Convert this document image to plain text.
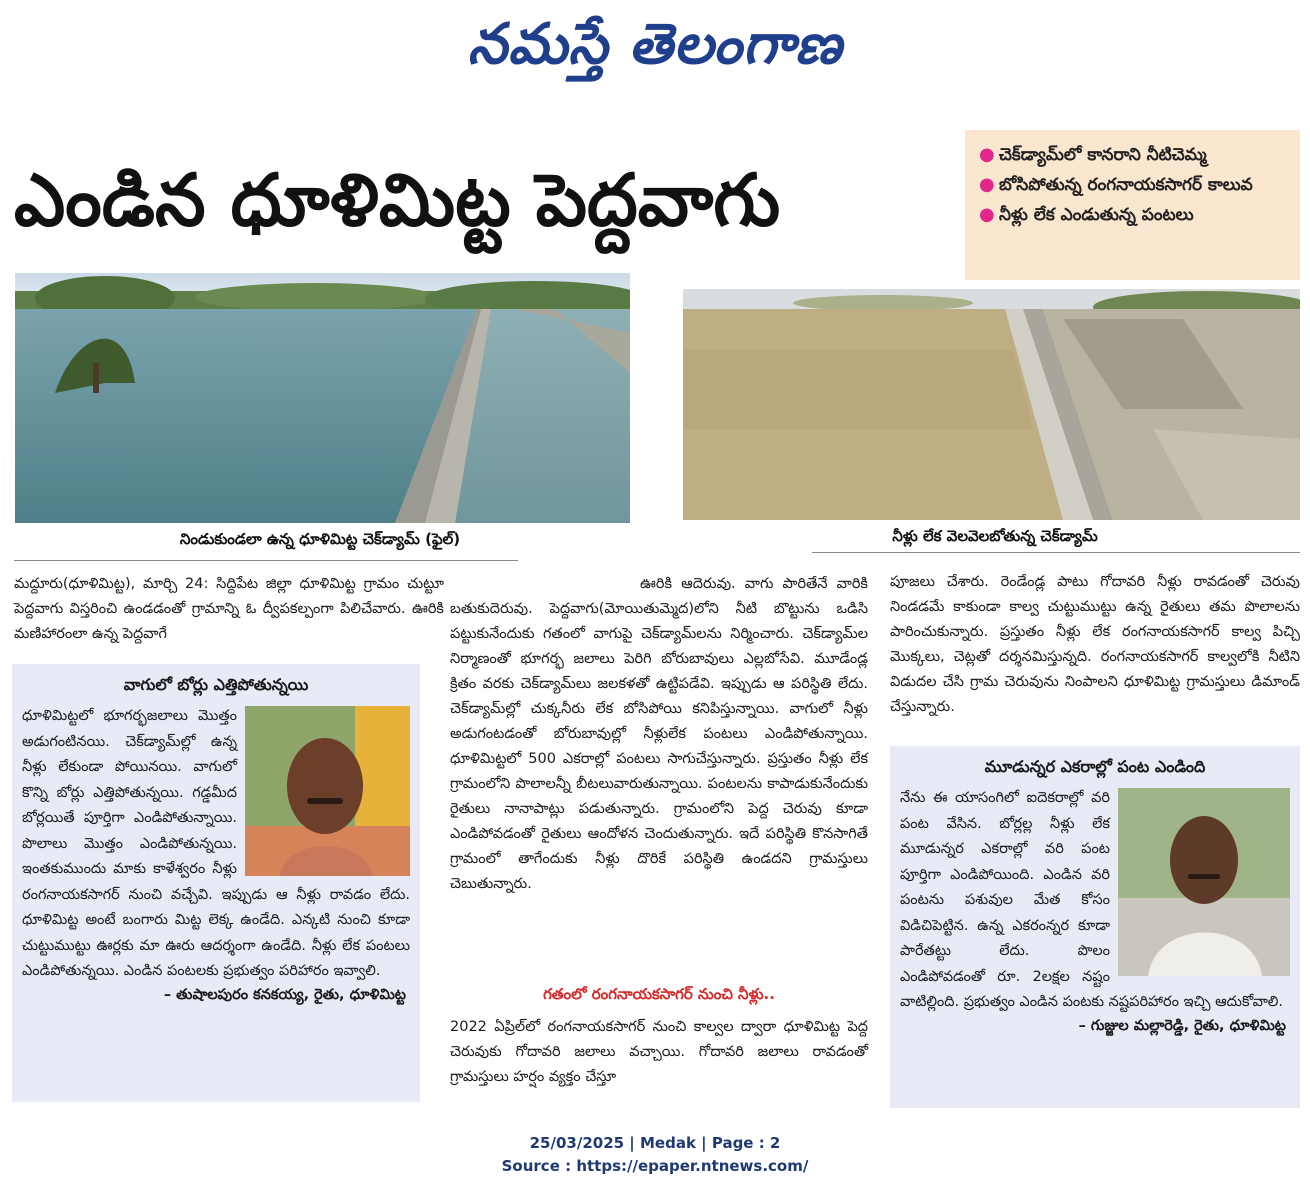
నమస్తే తెలంగాణ
ఎండిన ధూళిమిట్ట పెద్దవాగు
● చెక్‌డ్యామ్‌లో కానరాని నీటిచెమ్మ
● బోసిపోతున్న రంగనాయకసాగర్ కాలువ
● నీళ్లు లేక ఎండుతున్న పంటలు
నిండుకుండలా ఉన్న ధూళిమిట్ట చెక్‌డ్యామ్ (ఫైల్)	నీళ్లు లేక వెలవెలబోతున్న చెక్‌డ్యామ్

మద్దూరు(ధూళిమిట్ట), మార్చి 24: సిద్దిపేట జిల్లా ధూళిమిట్ట గ్రామం చుట్టూ పెద్దవాగు విస్తరించి ఉండడంతో గ్రామాన్ని ఓ ద్వీపకల్పంగా పిలిచేవారు. ఊరికి మణిహారంలా ఉన్న పెద్దవాగే

వాగులో బోర్లు ఎత్తిపోతున్నయి
ధూళిమిట్టలో భూగర్భజలాలు మొత్తం అడుగంటినయి. చెక్‌డ్యామ్‌ల్లో ఉన్న నీళ్లు లేకుండా పోయినయి. వాగులో కొన్ని బోర్లు ఎత్తిపోతున్నయి. గడ్డమీద బోర్లయితే పూర్తిగా ఎండిపోతున్నాయి. పొలాలు మొత్తం ఎండిపోతున్నయి. ఇంతకుముందు మాకు కాళేశ్వరం నీళ్లు రంగనాయకసాగర్ నుంచి వచ్చేవి. ఇప్పుడు ఆ నీళ్లు రావడం లేదు. ధూళిమిట్ట అంటే బంగారు మిట్ట లెక్క ఉండేది. ఎన్కటి నుంచి కూడా చుట్టుముట్టు ఊర్లకు మా ఊరు ఆదర్శంగా ఉండేది. నీళ్లు లేక పంటలు ఎండిపోతున్నయి. ఎండిన పంటలకు ప్రభుత్వం పరిహారం ఇవ్వాలి.
– తుషాలపురం కనకయ్య, రైతు, ధూళిమిట్ట

ఊరికి ఆదెరువు. వాగు పారితేనే వారికి బతుకుదెరువు. పెద్దవాగు(మోయితుమ్మెద)లోని నీటి బొట్టును ఒడిసి పట్టుకునేందుకు గతంలో వాగుపై చెక్‌డ్యామ్‌లను నిర్మించారు. చెక్‌డ్యామ్‌ల నిర్మాణంతో భూగర్భ జలాలు పెరిగి బోరుబావులు ఎల్లబోసేవి. మూడేండ్ల క్రితం వరకు చెక్‌డ్యామ్‌లు జలకళతో ఉట్టిపడేవి. ఇప్పుడు ఆ పరిస్థితి లేదు. చెక్‌డ్యామ్‌ల్లో చుక్కనీరు లేక బోసిపోయి కనిపిస్తున్నాయి. వాగులో నీళ్లు అడుగంటడంతో బోరుబావుల్లో నీళ్లులేక పంటలు ఎండిపోతున్నాయి. ధూళిమిట్టలో 500 ఎకరాల్లో పంటలు సాగుచేస్తున్నారు. ప్రస్తుతం నీళ్లు లేక గ్రామంలోని పొలాలన్నీ బీటలువారుతున్నాయి. పంటలను కాపాడుకునేందుకు రైతులు నానాపాట్లు పడుతున్నారు. గ్రామంలోని పెద్ద చెరువు కూడా ఎండిపోవడంతో రైతులు ఆందోళన చెందుతున్నారు. ఇదే పరిస్థితి కొనసాగితే గ్రామంలో తాగేందుకు నీళ్లు దొరికే పరిస్థితి ఉండదని గ్రామస్తులు చెబుతున్నారు.

గతంలో రంగనాయకసాగర్ నుంచి నీళ్లు..

2022 ఏప్రిల్‌లో రంగనాయకసాగర్ నుంచి కాల్వల ద్వారా ధూళిమిట్ట పెద్ద చెరువుకు గోదావరి జలాలు వచ్చాయి. గోదావరి జలాలు రావడంతో గ్రామస్తులు హర్షం వ్యక్తం చేస్తూ

పూజలు చేశారు. రెండేండ్ల పాటు గోదావరి నీళ్లు రావడంతో చెరువు నిండడమే కాకుండా కాల్వ చుట్టుముట్టు ఉన్న రైతులు తమ పొలాలను పారించుకున్నారు. ప్రస్తుతం నీళ్లు లేక రంగనాయకసాగర్ కాల్వ పిచ్చి మొక్కలు, చెట్లతో దర్శనమిస్తున్నది. రంగనాయకసాగర్ కాల్వలోకి నీటిని విడుదల చేసి గ్రామ చెరువును నింపాలని ధూళిమిట్ట గ్రామస్తులు డిమాండ్ చేస్తున్నారు.

మూడున్నర ఎకరాల్లో పంట ఎండింది
నేను ఈ యాసంగిలో ఐదెకరాల్లో వరి పంట వేసిన. బోర్లల్ల నీళ్లు లేక మూడున్నర ఎకరాల్లో వరి పంట పూర్తిగా ఎండిపోయింది. ఎండిన వరి పంటను పశువుల మేత కోసం విడిచిపెట్టిన. ఉన్న ఎకరంన్నర కూడా పారేతట్టు లేదు. పొలం ఎండిపోవడంతో రూ. 2లక్షల నష్టం వాటిల్లింది. ప్రభుత్వం ఎండిన పంటకు నష్టపరిహారం ఇచ్చి ఆదుకోవాలి.
– గుజ్జుల మల్లారెడ్డి, రైతు, ధూళిమిట్ట
25/03/2025 | Medak | Page : 2
Source : https://epaper.ntnews.com/
